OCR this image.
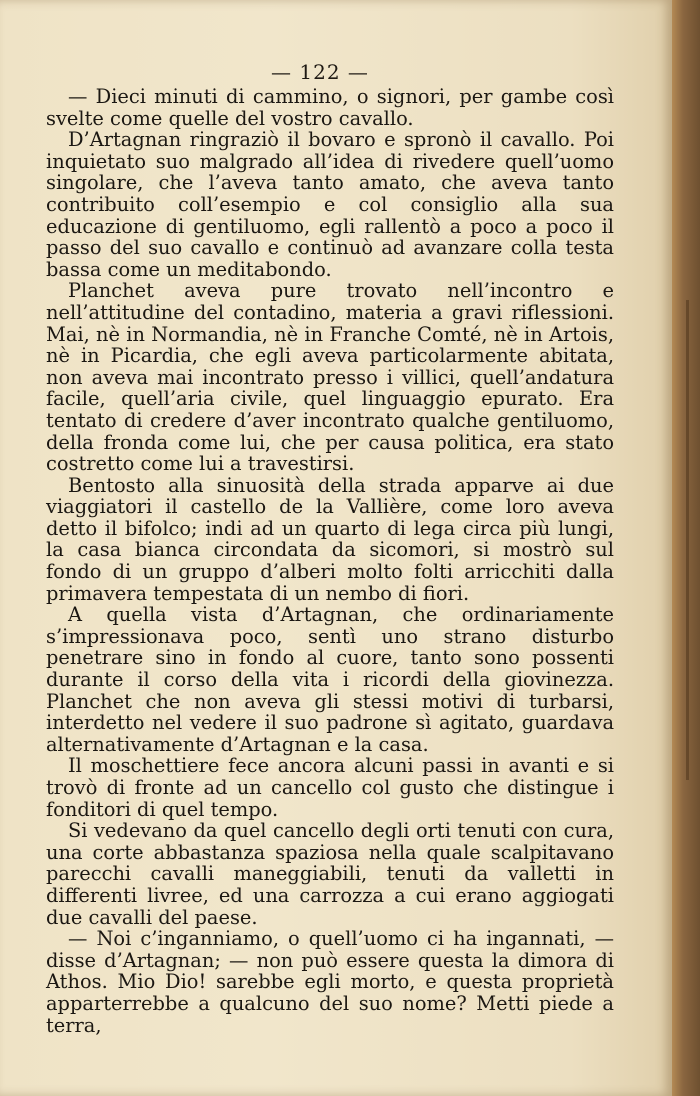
— 122 —

— Dieci minuti di cammino, o signori, per gambe così svelte come quelle del vostro cavallo.

D’Artagnan ringraziò il bovaro e spronò il cavallo. Poi inquietato suo malgrado all’idea di rivedere quell’uomo singolare, che l’aveva tanto amato, che aveva tanto contribuito coll’esempio e col consiglio alla sua educazione di gentiluomo, egli rallentò a poco a poco il passo del suo cavallo e continuò ad avanzare colla testa bassa come un meditabondo.

Planchet aveva pure trovato nell’incontro e nell’attitudine del contadino, materia a gravi riflessioni. Mai, nè in Normandia, nè in Franche Comté, nè in Artois, nè in Picardia, che egli aveva particolarmente abitata, non aveva mai incontrato presso i villici, quell’andatura facile, quell’aria civile, quel linguaggio epurato. Era tentato di credere d’aver incontrato qualche gentiluomo, della fronda come lui, che per causa politica, era stato costretto come lui a travestirsi.

Bentosto alla sinuosità della strada apparve ai due viaggiatori il castello de la Vallière, come loro aveva detto il bifolco; indi ad un quarto di lega circa più lungi, la casa bianca circondata da sicomori, si mostrò sul fondo di un gruppo d’alberi molto folti arricchiti dalla primavera tempestata di un nembo di fiori.

A quella vista d’Artagnan, che ordinariamente s’impressionava poco, sentì uno strano disturbo penetrare sino in fondo al cuore, tanto sono possenti durante il corso della vita i ricordi della giovinezza. Planchet che non aveva gli stessi motivi di turbarsi, interdetto nel vedere il suo padrone sì agitato, guardava alternativamente d’Artagnan e la casa.

Il moschettiere fece ancora alcuni passi in avanti e si trovò di fronte ad un cancello col gusto che distingue i fonditori di quel tempo.

Si vedevano da quel cancello degli orti tenuti con cura, una corte abbastanza spaziosa nella quale scalpitavano parecchi cavalli maneggiabili, tenuti da valletti in differenti livree, ed una carrozza a cui erano aggiogati due cavalli del paese.

— Noi c’inganniamo, o quell’uomo ci ha ingannati, — disse d’Artagnan; — non può essere questa la dimora di Athos. Mio Dio! sarebbe egli morto, e questa proprietà apparterrebbe a qualcuno del suo nome? Metti piede a terra,
